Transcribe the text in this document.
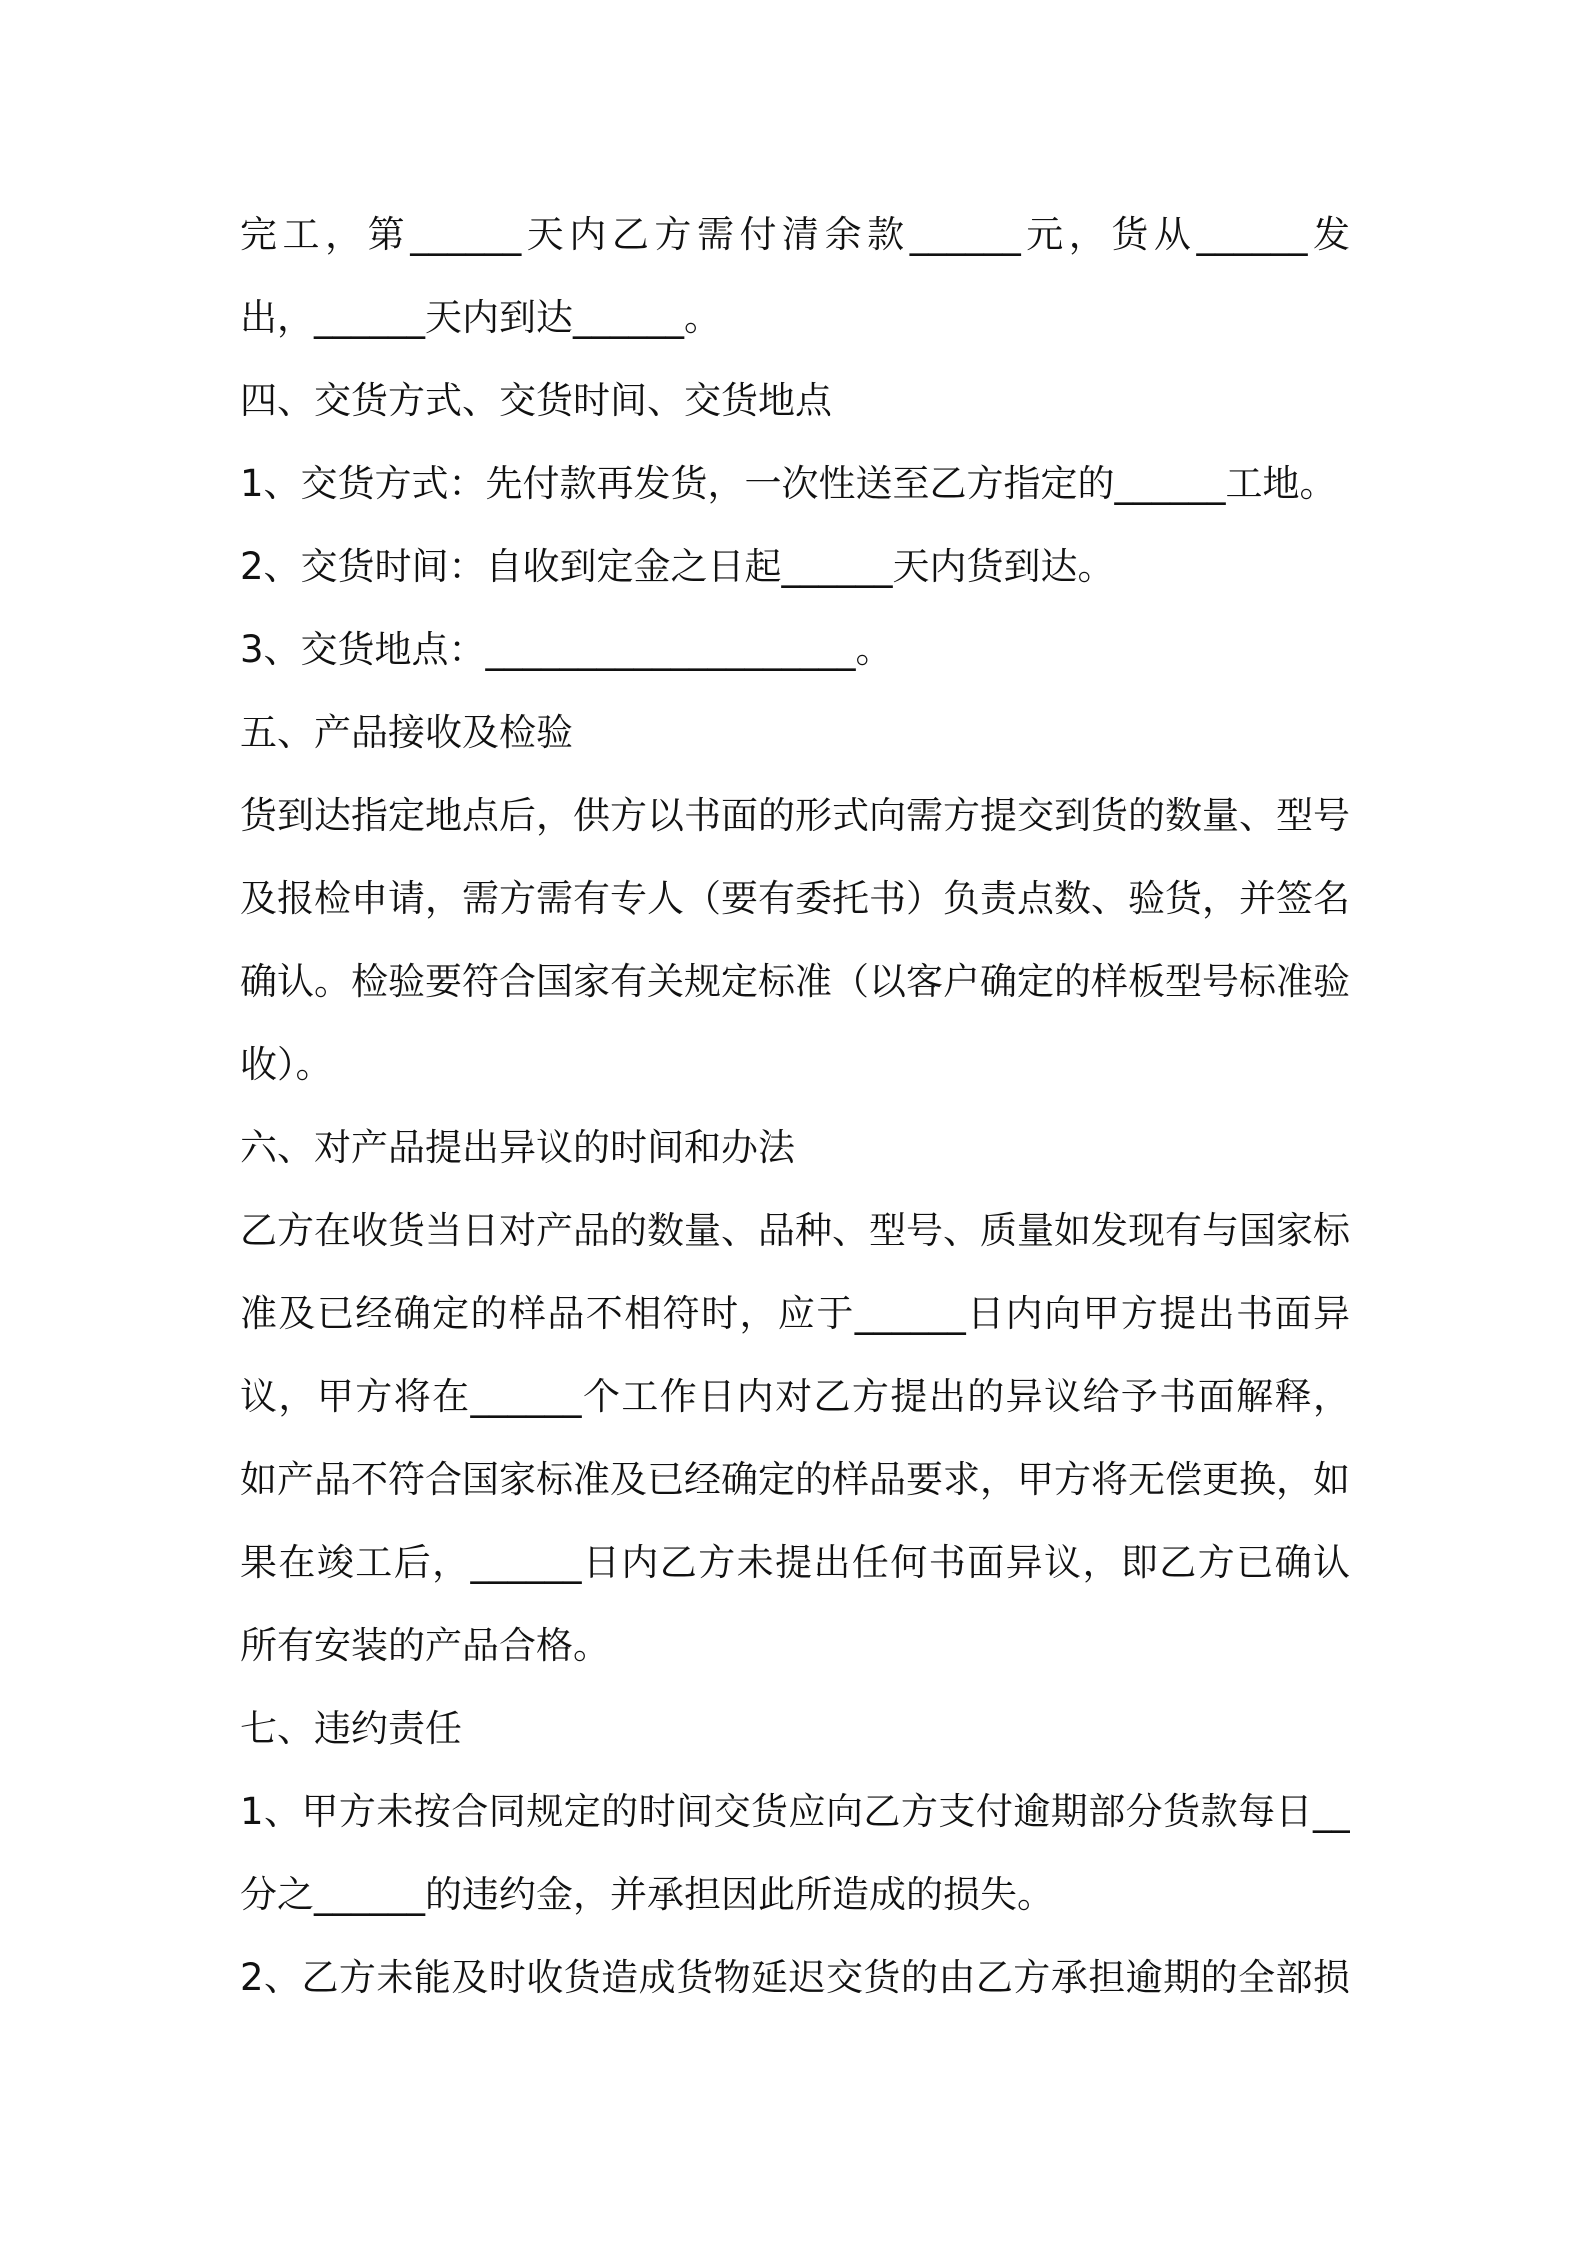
完工，第______天内乙方需付清余款______元，货从______发
出，______天内到达______。
四、交货方式、交货时间、交货地点
1、交货方式：先付款再发货，一次性送至乙方指定的______工地。
2、交货时间：自收到定金之日起______天内货到达。
3、交货地点：____________________。
五、产品接收及检验
货到达指定地点后，供方以书面的形式向需方提交到货的数量、型号
及报检申请，需方需有专人（要有委托书）负责点数、验货，并签名
确认。检验要符合国家有关规定标准（以客户确定的样板型号标准验
收）。
六、对产品提出异议的时间和办法
乙方在收货当日对产品的数量、品种、型号、质量如发现有与国家标
准及已经确定的样品不相符时，应于______日内向甲方提出书面异
议，甲方将在______个工作日内对乙方提出的异议给予书面解释，
如产品不符合国家标准及已经确定的样品要求，甲方将无偿更换，如
果在竣工后，______日内乙方未提出任何书面异议，即乙方已确认
所有安装的产品合格。
七、违约责任
1、甲方未按合同规定的时间交货应向乙方支付逾期部分货款每日__
分之______的违约金，并承担因此所造成的损失。
2、乙方未能及时收货造成货物延迟交货的由乙方承担逾期的全部损
